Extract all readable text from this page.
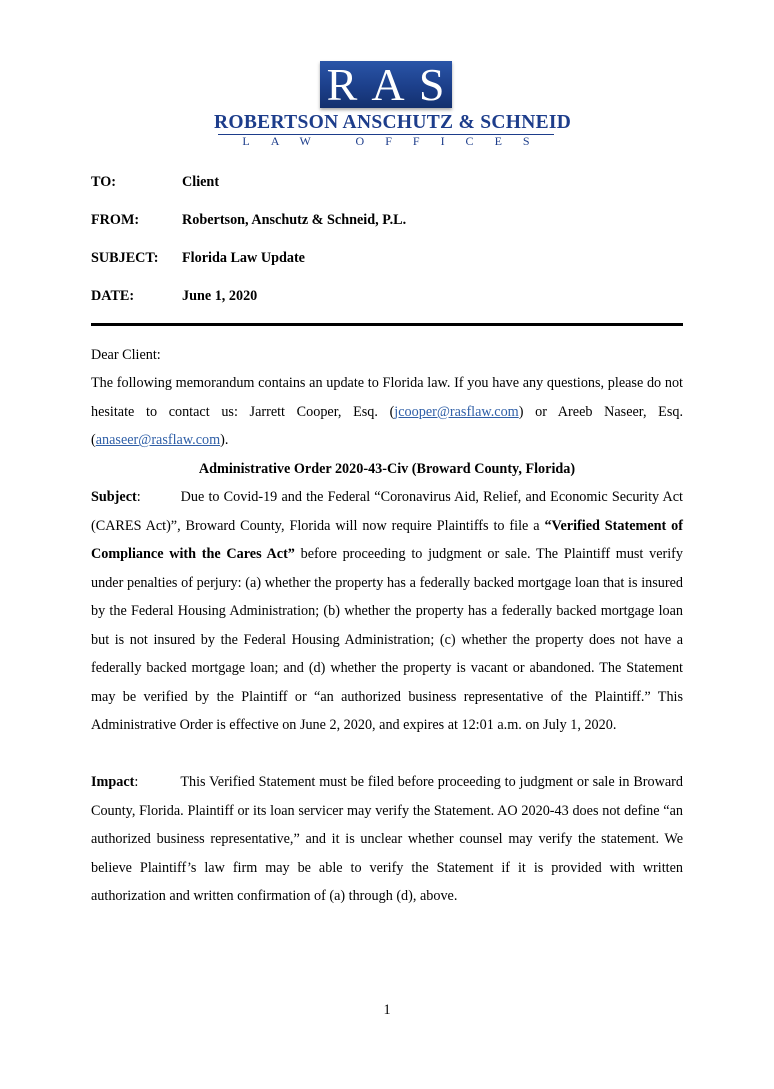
R A S
ROBERTSON ANSCHUTZ & SCHNEID
LAW OFFICES
TO:	Client
FROM:	Robertson, Anschutz & Schneid, P.L.
SUBJECT: Florida Law Update
DATE:	June 1, 2020
Dear Client:
The following memorandum contains an update to Florida law. If you have any questions, please do not hesitate to contact us: Jarrett Cooper, Esq. (jcooper@rasflaw.com) or Areeb Naseer, Esq. (anaseer@rasflaw.com).
Administrative Order 2020-43-Civ (Broward County, Florida)
Subject:	Due to Covid-19 and the Federal “Coronavirus Aid, Relief, and Economic Security Act (CARES Act)”, Broward County, Florida will now require Plaintiffs to file a “Verified Statement of Compliance with the Cares Act” before proceeding to judgment or sale. The Plaintiff must verify under penalties of perjury: (a) whether the property has a federally backed mortgage loan that is insured by the Federal Housing Administration; (b) whether the property has a federally backed mortgage loan but is not insured by the Federal Housing Administration; (c) whether the property does not have a federally backed mortgage loan; and (d) whether the property is vacant or abandoned. The Statement may be verified by the Plaintiff or “an authorized business representative of the Plaintiff.” This Administrative Order is effective on June 2, 2020, and expires at 12:01 a.m. on July 1, 2020.
Impact:	This Verified Statement must be filed before proceeding to judgment or sale in Broward County, Florida. Plaintiff or its loan servicer may verify the Statement. AO 2020-43 does not define “an authorized business representative,” and it is unclear whether counsel may verify the statement. We believe Plaintiff’s law firm may be able to verify the Statement if it is provided with written authorization and written confirmation of (a) through (d), above.
1
